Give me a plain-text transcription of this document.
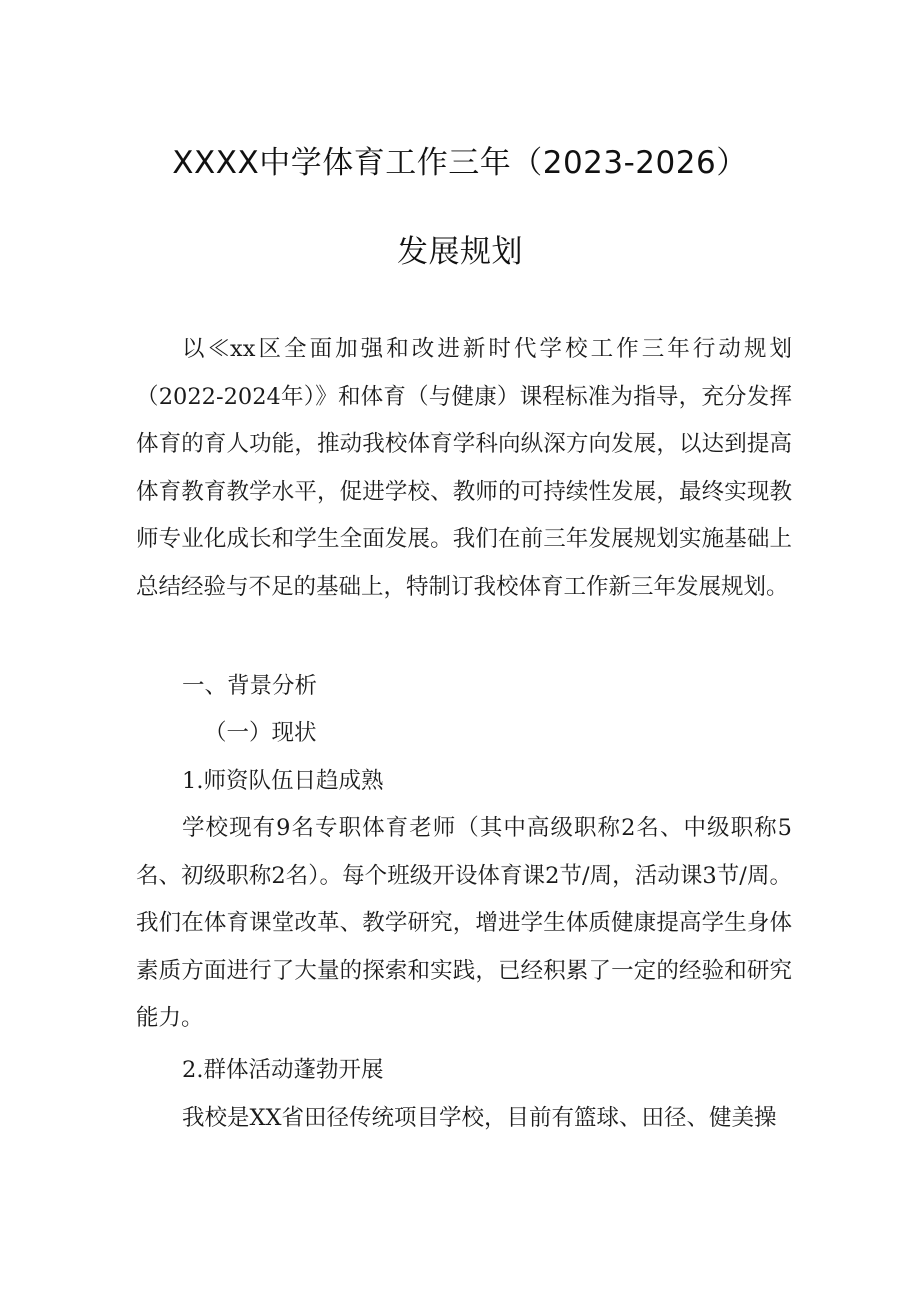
XXXX中学体育工作三年（2023-2026）
发展规划

以≪xx区全面加强和改进新时代学校工作三年行动规划（2022-2024年）》和体育（与健康）课程标准为指导，充分发挥体育的育人功能，推动我校体育学科向纵深方向发展，以达到提高体育教育教学水平，促进学校、教师的可持续性发展，最终实现教师专业化成长和学生全面发展。我们在前三年发展规划实施基础上总结经验与不足的基础上，特制订我校体育工作新三年发展规划。

一、背景分析

（一）现状

1.师资队伍日趋成熟

学校现有9名专职体育老师（其中高级职称2名、中级职称5名、初级职称2名）。每个班级开设体育课2节/周，活动课3节/周。我们在体育课堂改革、教学研究，增进学生体质健康提高学生身体素质方面进行了大量的探索和实践，已经积累了一定的经验和研究能力。

2.群体活动蓬勃开展

我校是XX省田径传统项目学校，目前有篮球、田径、健美操
